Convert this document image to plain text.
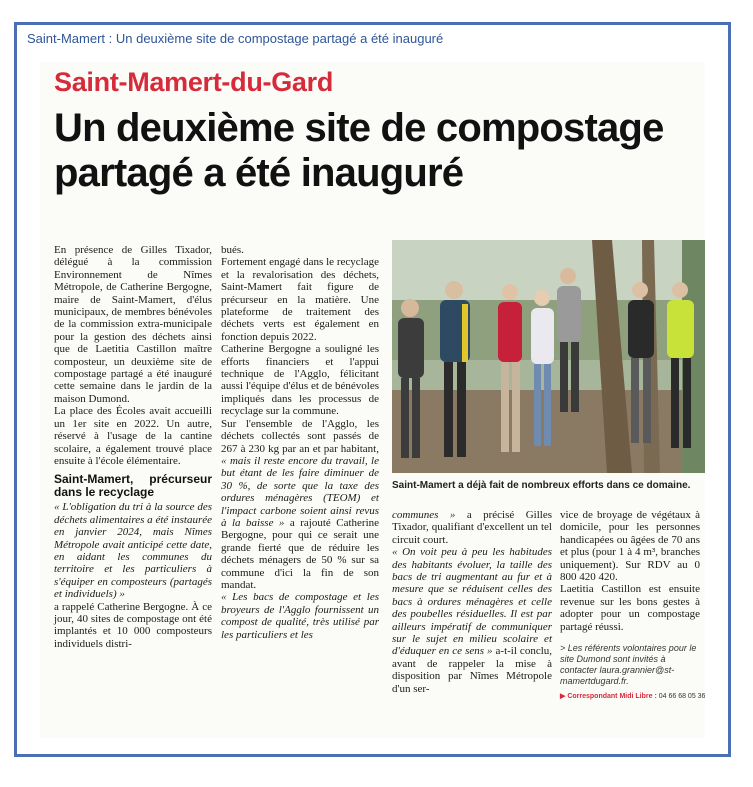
Saint-Mamert : Un deuxième site de compostage partagé a été inauguré
Saint-Mamert-du-Gard
Un deuxième site de compostage partagé a été inauguré

En présence de Gilles Tixador, délégué à la commission Environnement de Nîmes Métropole, de Catherine Bergogne, maire de Saint-Mamert, d'élus municipaux, de membres bénévoles de la commission extra-municipale pour la gestion des déchets ainsi que de Laetitia Castillon maître composteur, un deuxième site de compostage partagé a été inauguré cette semaine dans le jardin de la maison Dumond.

La place des Écoles avait accueilli un 1er site en 2022. Un autre, réservé à l'usage de la cantine scolaire, a également trouvé place ensuite à l'école élémentaire.

Saint-Mamert, précurseur dans le recyclage

« L'obligation du tri à la source des déchets alimentaires a été instaurée en janvier 2024, mais Nîmes Métropole avait anticipé cette date, en aidant les communes du territoire et les particuliers à s'équiper en composteurs (partagés et individuels) »

a rappelé Catherine Bergogne. À ce jour, 40 sites de compostage ont été implantés et 10 000 composteurs individuels distri-

bués.

Fortement engagé dans le recyclage et la revalorisation des déchets, Saint-Mamert fait figure de précurseur en la matière. Une plateforme de traitement des déchets verts est également en fonction depuis 2022.

Catherine Bergogne a souligné les efforts financiers et l'appui technique de l'Agglo, félicitant aussi l'équipe d'élus et de bénévoles impliqués dans les processus de recyclage sur la commune.

Sur l'ensemble de l'Agglo, les déchets collectés sont passés de 267 à 230 kg par an et par habitant, « mais il reste encore du travail, le but étant de les faire diminuer de 30 %, de sorte que la taxe des ordures ménagères (TEOM) et l'impact carbone soient ainsi revus à la baisse » a rajouté Catherine Bergogne, pour qui ce serait une grande fierté que de réduire les déchets ménagers de 50 % sur sa commune d'ici la fin de son mandat.

« Les bacs de compostage et les broyeurs de l'Agglo fournissent un compost de qualité, très utilisé par les particuliers et les

Saint-Mamert a déjà fait de nombreux efforts dans ce domaine.

communes » a précisé Gilles Tixador, qualifiant d'excellent un tel circuit court.

« On voit peu à peu les habitudes des habitants évoluer, la taille des bacs de tri augmentant au fur et à mesure que se réduisent celles des bacs à ordures ménagères et celle des poubelles résiduelles. Il est par ailleurs impératif de communiquer sur le sujet en milieu scolaire et d'éduquer en ce sens » a-t-il conclu, avant de rappeler la mise à disposition par Nîmes Métropole d'un ser-

vice de broyage de végétaux à domicile, pour les personnes handicapées ou âgées de 70 ans et plus (pour 1 à 4 m³, branches uniquement). Sur RDV au 0 800 420 420.

Laetitia Castillon est ensuite revenue sur les bons gestes à adopter pour un compostage partagé réussi.

> Les référents volontaires pour le site Dumond sont invités à contacter laura.grannier@st-mamertdugard.fr.
▶ Correspondant Midi Libre : 04 66 68 05 36
